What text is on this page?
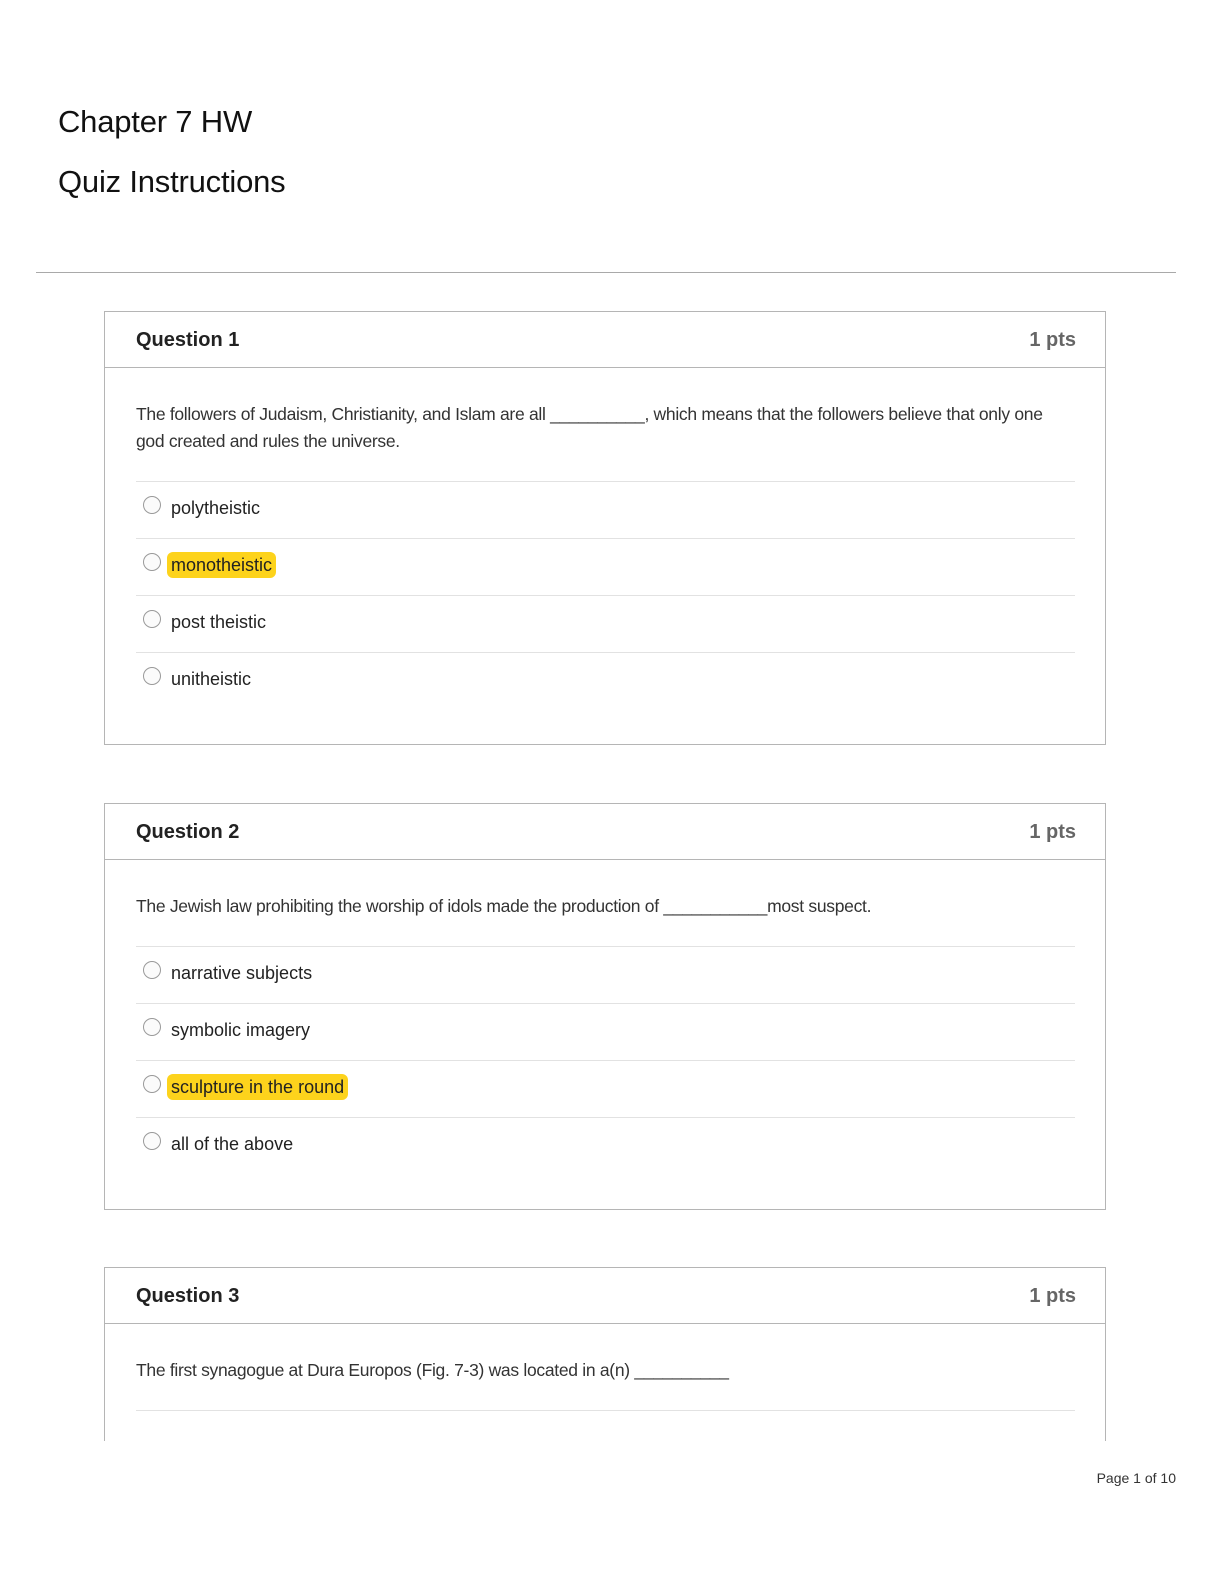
Chapter 7 HW
Quiz Instructions
Question 1	1 pts
The followers of Judaism, Christianity, and Islam are all __________, which means that the followers believe that only one god created and rules the universe.
polytheistic
monotheistic
post theistic
unitheistic
Question 2	1 pts
The Jewish law prohibiting the worship of idols made the production of ___________most suspect.
narrative subjects
symbolic imagery
sculpture in the round
all of the above
Question 3	1 pts
The first synagogue at Dura Europos (Fig. 7-3) was located in a(n) __________
Page 1 of 10
